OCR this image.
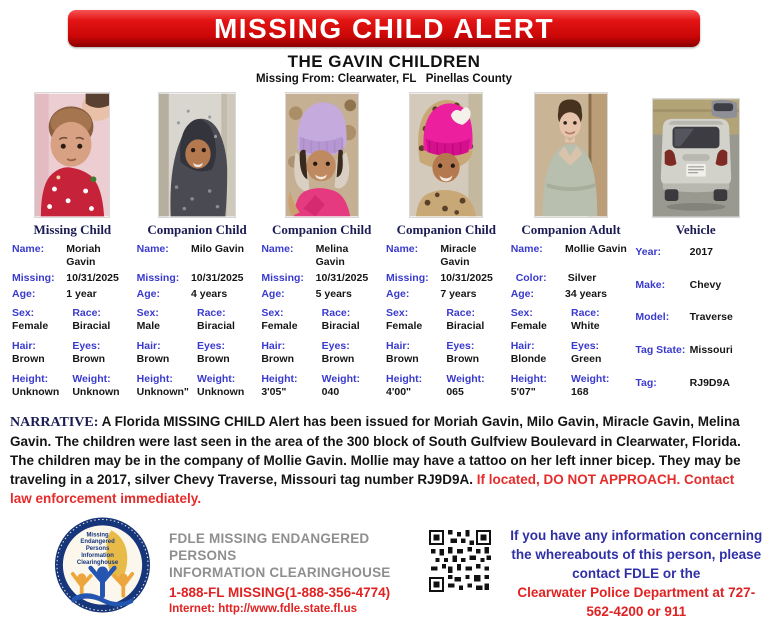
MISSING CHILD ALERT
THE GAVIN CHILDREN
Missing From: Clearwater, FL   Pinellas County
Missing Child
Name:	Moriah Gavin
Missing:	10/31/2025
Age:	1 year
Sex:
Female
Race:
Biracial
Hair:
Brown
Eyes:
Brown
Height:
Unknown
Weight:
Unknown
Companion Child
Name:	Milo Gavin
Missing:	10/31/2025
Age:	4 years
Sex:
Male
Race:
Biracial
Hair:
Brown
Eyes:
Brown
Height:
Unknown"
Weight:
Unknown
Companion Child
Name:	Melina Gavin
Missing:	10/31/2025
Age:	5 years
Sex:
Female
Race:
Biracial
Hair:
Brown
Eyes:
Brown
Height:
3'05"
Weight:
040
Companion Child
Name:	Miracle Gavin
Missing:	10/31/2025
Age:	7 years
Sex:
Female
Race:
Biracial
Hair:
Brown
Eyes:
Brown
Height:
4'00"
Weight:
065
Companion Adult
Name:	Mollie Gavin
Color:	Silver
Age:	34 years
Sex:
Female
Race:
White
Hair:
Blonde
Eyes:
Green
Height:
5'07"
Weight:
168
Vehicle
Year:	2017
Make:	Chevy
Model:	Traverse
Tag State: Missouri
Tag:	RJ9D9A
NARRATIVE: A Florida MISSING CHILD Alert has been issued for Moriah Gavin, Milo Gavin, Miracle Gavin, Melina Gavin. The children were last seen in the area of the 300 block of South Gulfview Boulevard in Clearwater, Florida. The children may be in the company of Mollie Gavin. Mollie may have a tattoo on her left inner bicep. They may be traveling in a 2017, silver Chevy Traverse, Missouri tag number RJ9D9A. If located, DO NOT APPROACH. Contact law enforcement immediately.
Missing
Endangered
Persons
Information
Clearinghouse
FDLE MISSING ENDANGERED PERSONS
INFORMATION CLEARINGHOUSE
1-888-FL MISSING(1-888-356-4774)
Internet: http://www.fdle.state.fl.us
If you have any information concerning the whereabouts of this person, please contact FDLE or the
Clearwater Police Department at 727-562-4200 or 911
